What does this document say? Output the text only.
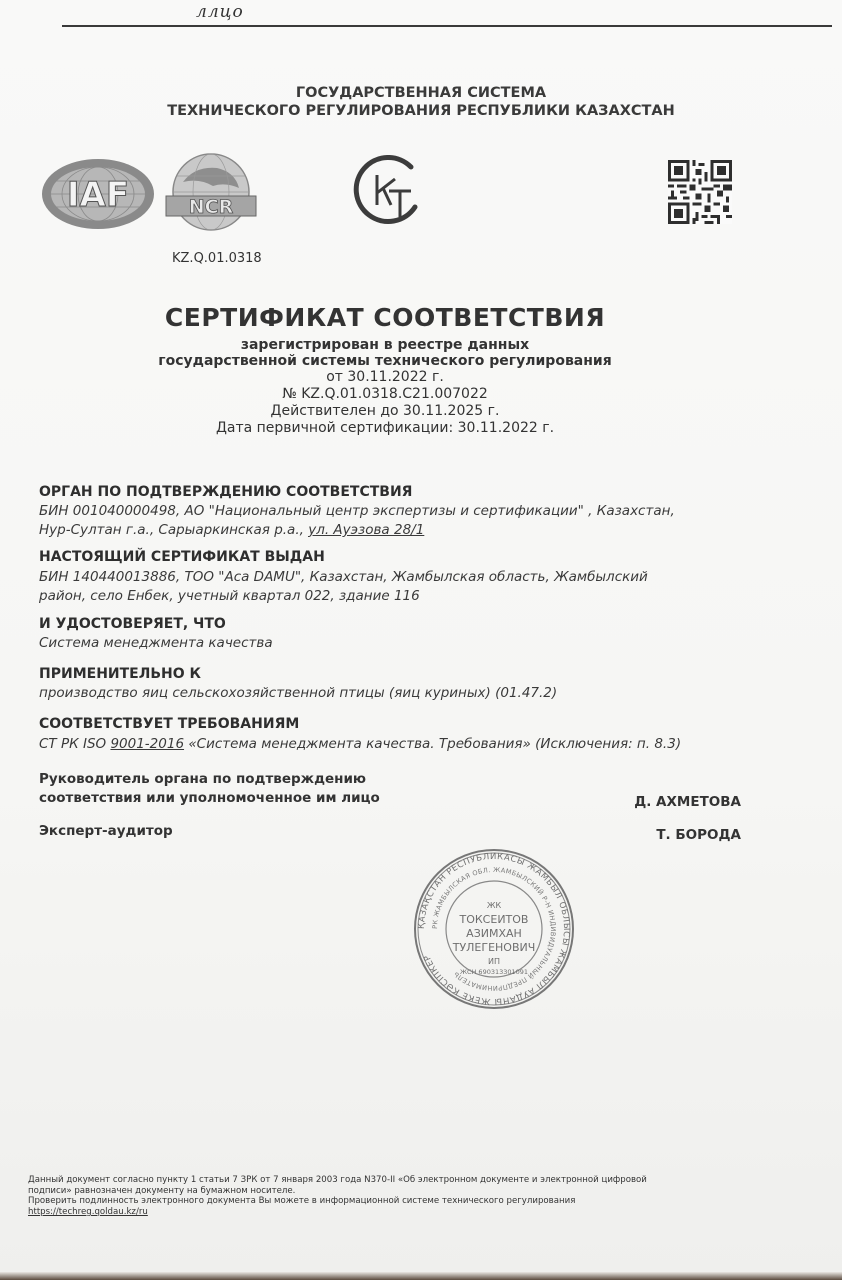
ллцо
ГОСУДАРСТВЕННАЯ СИСТЕМА
ТЕХНИЧЕСКОГО РЕГУЛИРОВАНИЯ РЕСПУБЛИКИ КАЗАХСТАН
IAF	NCR
KZ.Q.01.0318
СЕРТИФИКАТ СООТВЕТСТВИЯ
зарегистрирован в реестре данных
государственной системы технического регулирования
от 30.11.2022 г.
№ KZ.Q.01.0318.C21.007022
Действителен до 30.11.2025 г.
Дата первичной сертификации: 30.11.2022 г.
ОРГАН ПО ПОДТВЕРЖДЕНИЮ СООТВЕТСТВИЯ
БИН 001040000498, АО "Национальный центр экспертизы и сертификации" , Казахстан,
Нур-Султан г.а., Сарыаркинская р.а., ул. Ауэзова 28/1
НАСТОЯЩИЙ СЕРТИФИКАТ ВЫДАН
БИН 140440013886, ТОО "Aca DAMU", Казахстан, Жамбылская область, Жамбылский
район, село Енбек, учетный квартал 022, здание 116
И УДОСТОВЕРЯЕТ, ЧТО
Система менеджмента качества
ПРИМЕНИТЕЛЬНО К
производство яиц сельскохозяйственной птицы (яиц куриных) (01.47.2)
СООТВЕТСТВУЕТ ТРЕБОВАНИЯМ
СТ РК ISO 9001-2016 «Система менеджмента качества. Требования» (Исключения: п. 8.3)
Руководитель органа по подтверждению
соответствия или уполномоченное им лицо	Д. АХМЕТОВА
Эксперт-аудитор	Т. БОРОДА
ҚАЗАҚСТАН РЕСПУБЛИКАСЫ ЖАМБЫЛ ОБЛЫСЫ ЖАМБЫЛ АУДАНЫ ЖЕКЕ КӘСІПКЕР
РК ЖАМБЫЛСКАЯ ОБЛ. ЖАМБЫЛСКИЙ Р-Н ИНДИВИДУАЛЬНЫЙ ПРЕДПРИНИМАТЕЛЬ
ЖК
ТОКСЕИТОВ
АЗИМХАН
ТУЛЕГЕНОВИЧ
ИП
ЖСН 690313301091
Данный документ согласно пункту 1 статьи 7 ЗРК от 7 января 2003 года N370-II «Об электронном документе и электронной цифровой
подписи» равнозначен документу на бумажном носителе.
Проверить подлинность электронного документа Вы можете в информационной системе технического регулирования
https://techreg.qoldau.kz/ru
